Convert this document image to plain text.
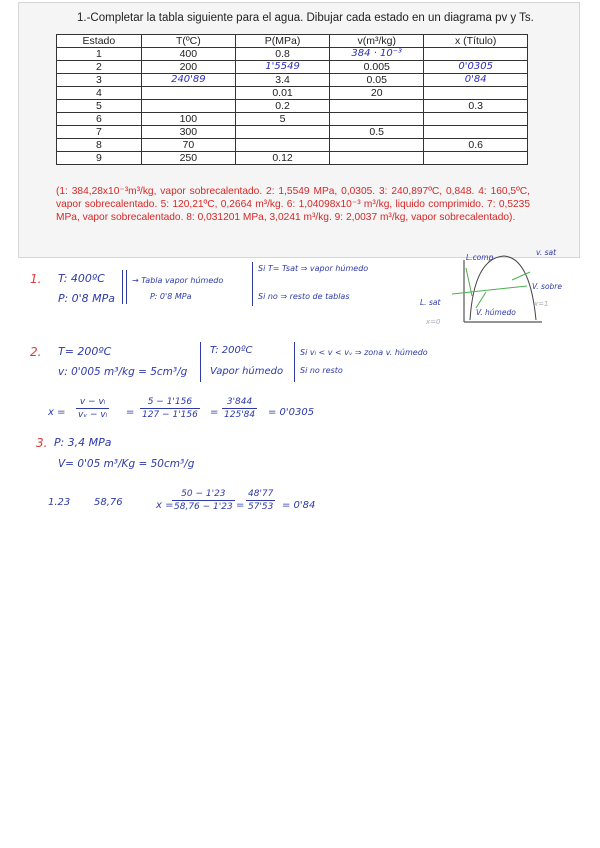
1.-Completar la tabla siguiente para el agua. Dibujar cada estado en un diagrama pv y Ts.
Estado	T(ºC)	P(MPa)	v(m³/kg)	x (Título)
1	400	0.8	384 · 10⁻³	
2	200	1'5549	0.005	0'0305
3	240'89	3.4	0.05	0'84
4		0.01	20	
5		0.2		0.3
6	100	5		
7	300		0.5	
8	70			0.6
9	250	0.12		
(1: 384,28x10⁻³m³/kg, vapor sobrecalentado. 2: 1,5549 MPa, 0,0305. 3: 240,897ºC, 0,848. 4: 160,5ºC, vapor sobrecalentado. 5: 120,21ºC, 0,2664 m³/kg. 6: 1,04098x10⁻³ m³/kg, liquido comprimido. 7: 0,5235 MPa, vapor sobrecalentado. 8: 0,031201 MPa, 3,0241 m³/kg. 9: 2,0037 m³/kg, vapor sobrecalentado).
1. T: 400ºC
P: 0'8 MPa
→ Tabla vapor húmedo
P: 0'8 MPa
Si T= Tsat ⇒ vapor húmedo
Si no ⇒ resto de tablas
L.comp
v. sat
V. sobre
x=1
L. sat
x=0
V. húmedo
2. T= 200ºC
v: 0'005 m³/kg = 5cm³/g
T: 200ºC
Vapor húmedo
Si vₗ < v < vᵥ ⇒ zona v. húmedo
Si no resto
$x = \frac{\text{v − vₗ}}{\text{vᵥ − vₗ}} = \frac{5 - 1'156}{127 - 1'156} = \frac{3'844}{125'84} = 0'0305$
3. P: 3,4 MPa
V= 0'05 m³/Kg = 50cm³/g
1.23 58,76	x =
$\frac{50 - 1'23}{58,76 - 1'23} = \frac{48'77}{57'53} = 0'84$
